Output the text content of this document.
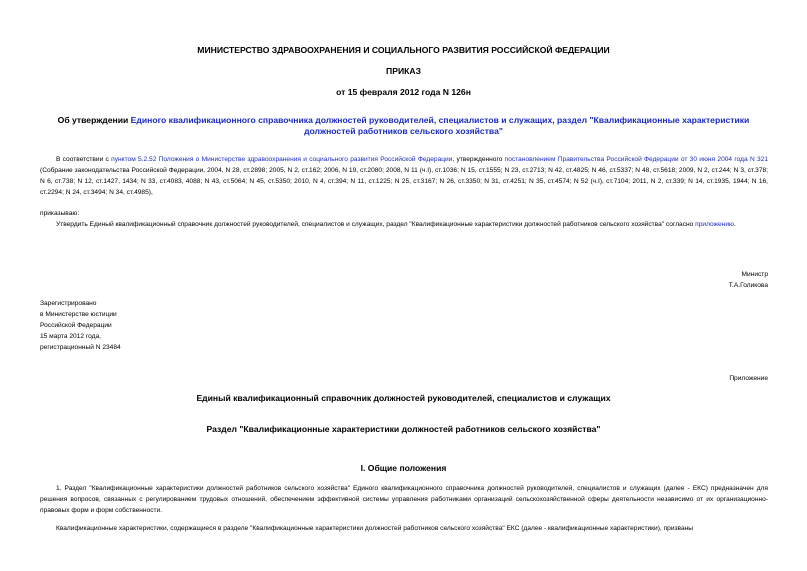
МИНИСТЕРСТВО ЗДРАВООХРАНЕНИЯ И СОЦИАЛЬНОГО РАЗВИТИЯ РОССИЙСКОЙ ФЕДЕРАЦИИ
ПРИКАЗ
от 15 февраля 2012 года N 126н
Об утверждении Единого квалификационного справочника должностей руководителей, специалистов и служащих, раздел "Квалификационные характеристики должностей работников сельского хозяйства"
В соответствии с пунктом 5.2.52 Положения о Министерстве здравоохранения и социального развития Российской Федерации, утвержденного постановлением Правительства Российской Федерации от 30 июня 2004 года N 321 (Собрание законодательства Российской Федерации, 2004, N 28, ст.2898; 2005, N 2, ст.162; 2006, N 19, ст.2080; 2008, N 11 (ч.I), ст.1036; N 15, ст.1555; N 23, ст.2713; N 42, ст.4825; N 46, ст.5337; N 48, ст.5618; 2009, N 2, ст.244; N 3, ст.378; N 6, ст.738; N 12, ст.1427, 1434; N 33, ст.4083, 4088; N 43, ст.5064; N 45, ст.5350; 2010, N 4, ст.394; N 11, ст.1225; N 25, ст.3167; N 26, ст.3350; N 31, ст.4251; N 35, ст.4574; N 52 (ч.I), ст.7104; 2011, N 2, ст.339; N 14, ст.1935, 1944; N 16, ст.2294; N 24, ст.3494; N 34, ст.4985),
приказываю:
Утвердить Единый квалификационный справочник должностей руководителей, специалистов и служащих, раздел "Квалификационные характеристики должностей работников сельского хозяйства" согласно приложению.

Министр

Т.А.Голикова

Зарегистрировано

в Министерстве юстиции

Российской Федерации

15 марта 2012 года,

регистрационный N 23484

Приложение
Единый квалификационный справочник должностей руководителей, специалистов и служащих
Раздел "Квалификационные характеристики должностей работников сельского хозяйства"
I. Общие положения
1. Раздел "Квалификационные характеристики должностей работников сельского хозяйства" Единого квалификационного справочника должностей руководителей, специалистов и служащих (далее - ЕКС) предназначен для решения вопросов, связанных с регулированием трудовых отношений, обеспечением эффективной системы управления работниками организаций сельскохозяйственной сферы деятельности независимо от их организационно-правовых форм и форм собственности.
Квалификационные характеристики, содержащиеся в разделе "Квалификационные характеристики должностей работников сельского хозяйства" ЕКС (далее - квалификационные характеристики), призваны
